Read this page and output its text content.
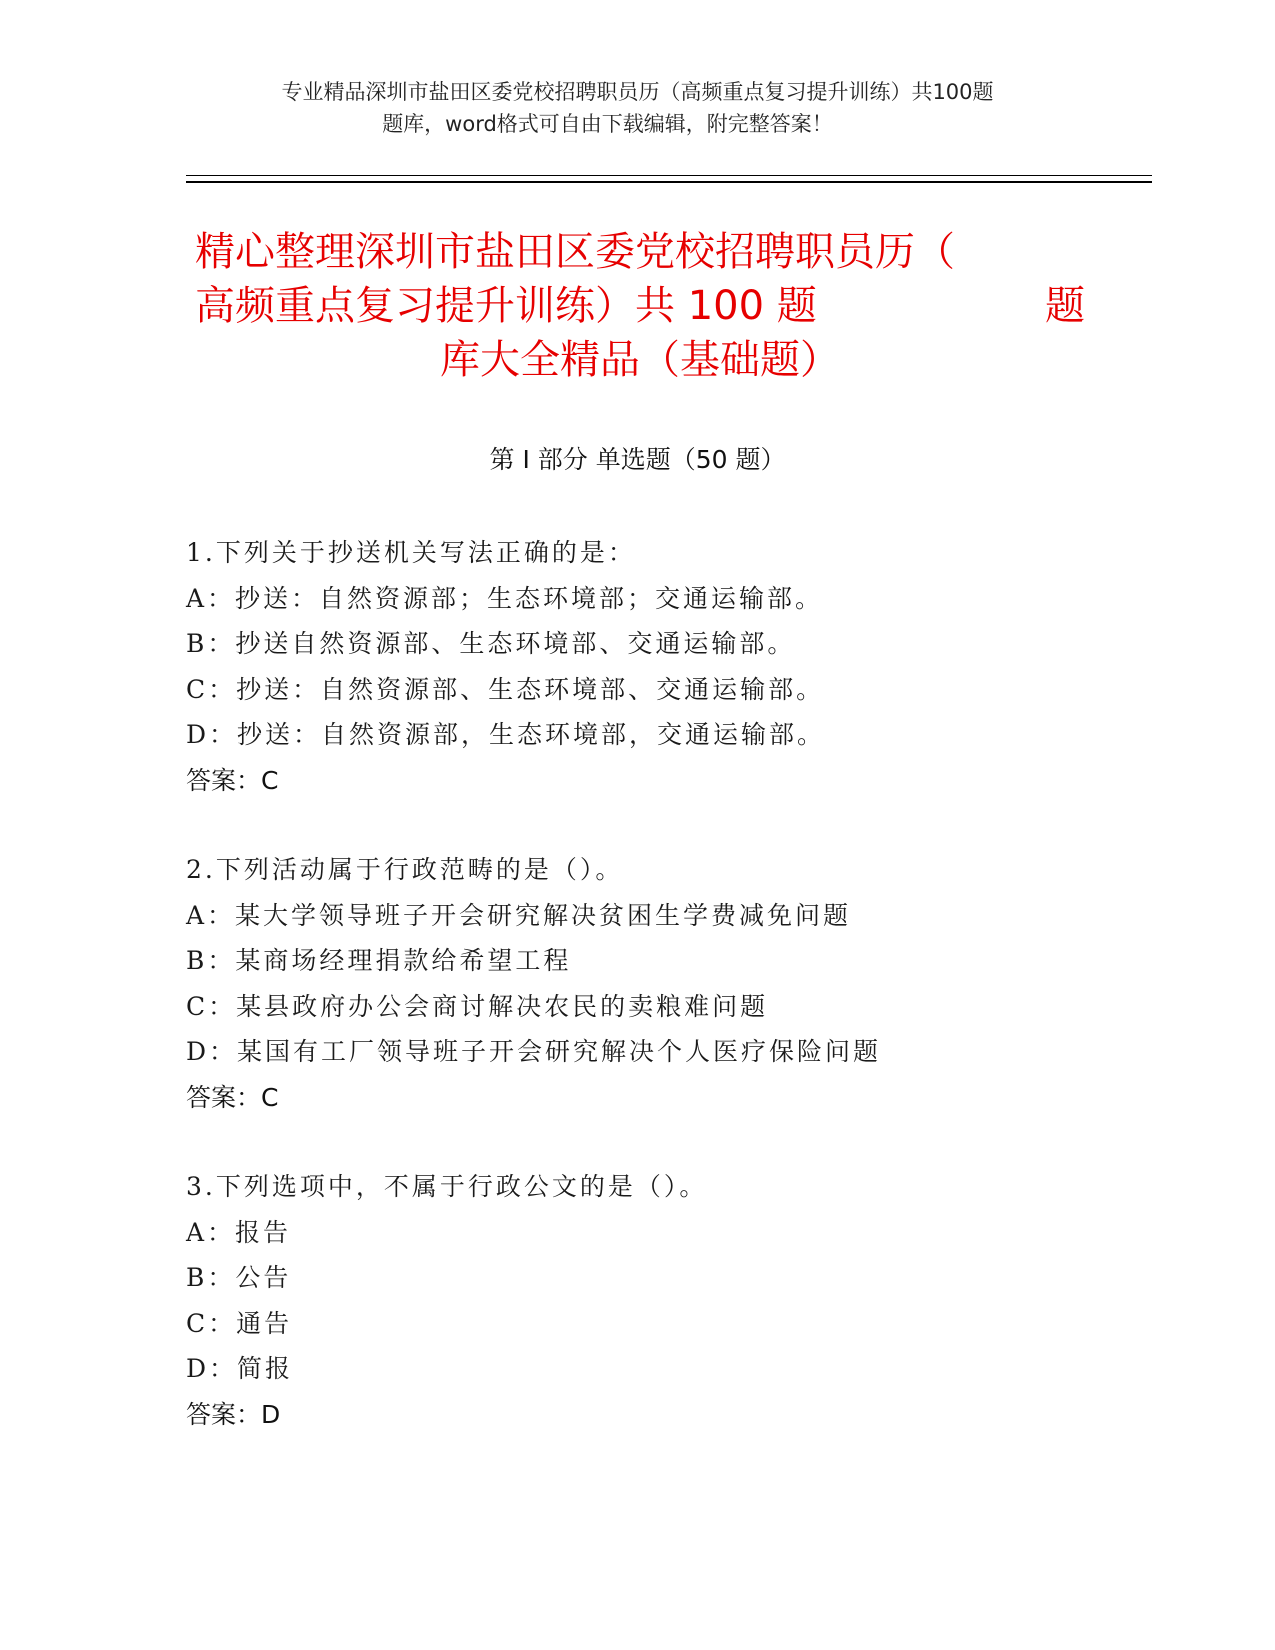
专业精品深圳市盐田区委党校招聘职员历（高频重点复习提升训练）共100题
题库，word格式可自由下载编辑，附完整答案！
精心整理深圳市盐田区委党校招聘职员历（
高频重点复习提升训练）共 100 题	题
库大全精品（基础题）
第 I 部分 单选题（50 题）
1.下列关于抄送机关写法正确的是：
A：抄送：自然资源部；生态环境部；交通运输部。
B：抄送自然资源部、生态环境部、交通运输部。
C：抄送：自然资源部、生态环境部、交通运输部。
D：抄送：自然资源部，生态环境部，交通运输部。
答案：C
2.下列活动属于行政范畴的是（）。
A：某大学领导班子开会研究解决贫困生学费减免问题
B：某商场经理捐款给希望工程
C：某县政府办公会商讨解决农民的卖粮难问题
D：某国有工厂领导班子开会研究解决个人医疗保险问题
答案：C
3.下列选项中，不属于行政公文的是（）。
A：报告
B：公告
C：通告
D：简报
答案：D
